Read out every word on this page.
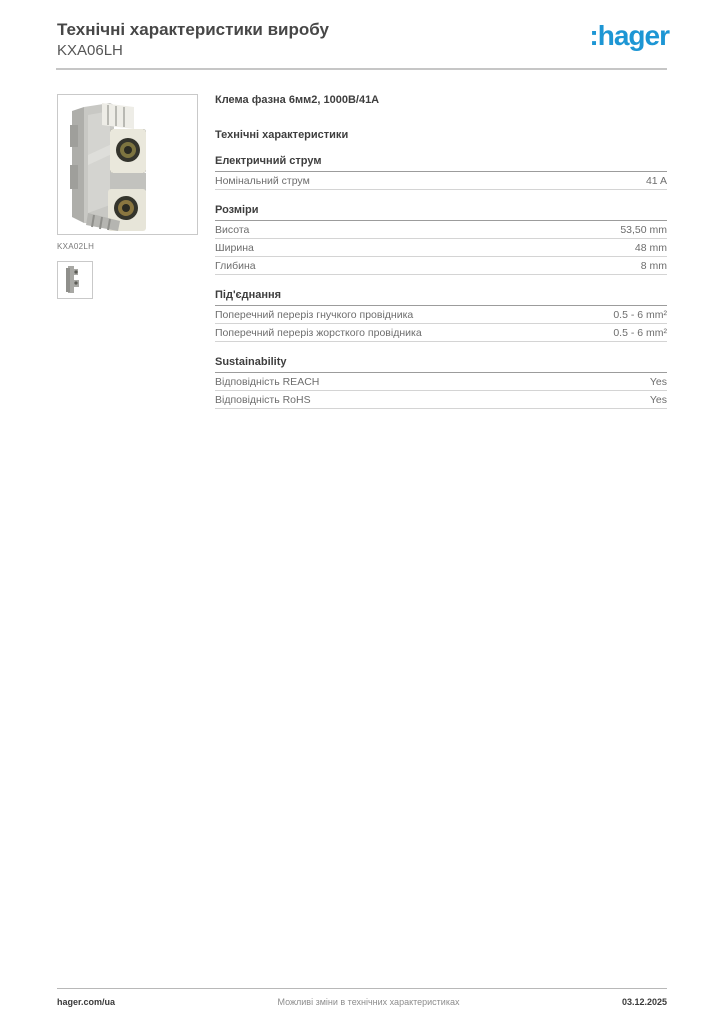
Технічні характеристики виробу
KXA06LH	:hager
KXA02LH
Клема фазна 6мм2, 1000В/41А
Технічні характеристики
Електричний струм
Номінальний струм	41 A
Розміри
Висота	53,50 mm
Ширина	48 mm
Глибина	8 mm
Під'єднання
Поперечний переріз гнучкого провідника	0.5 - 6 mm²
Поперечний переріз жорсткого провідника	0.5 - 6 mm²
Sustainability
Відповідність REACH	Yes
Відповідність RoHS	Yes
hager.com/ua	Можливі зміни в технічних характеристиках	03.12.2025
